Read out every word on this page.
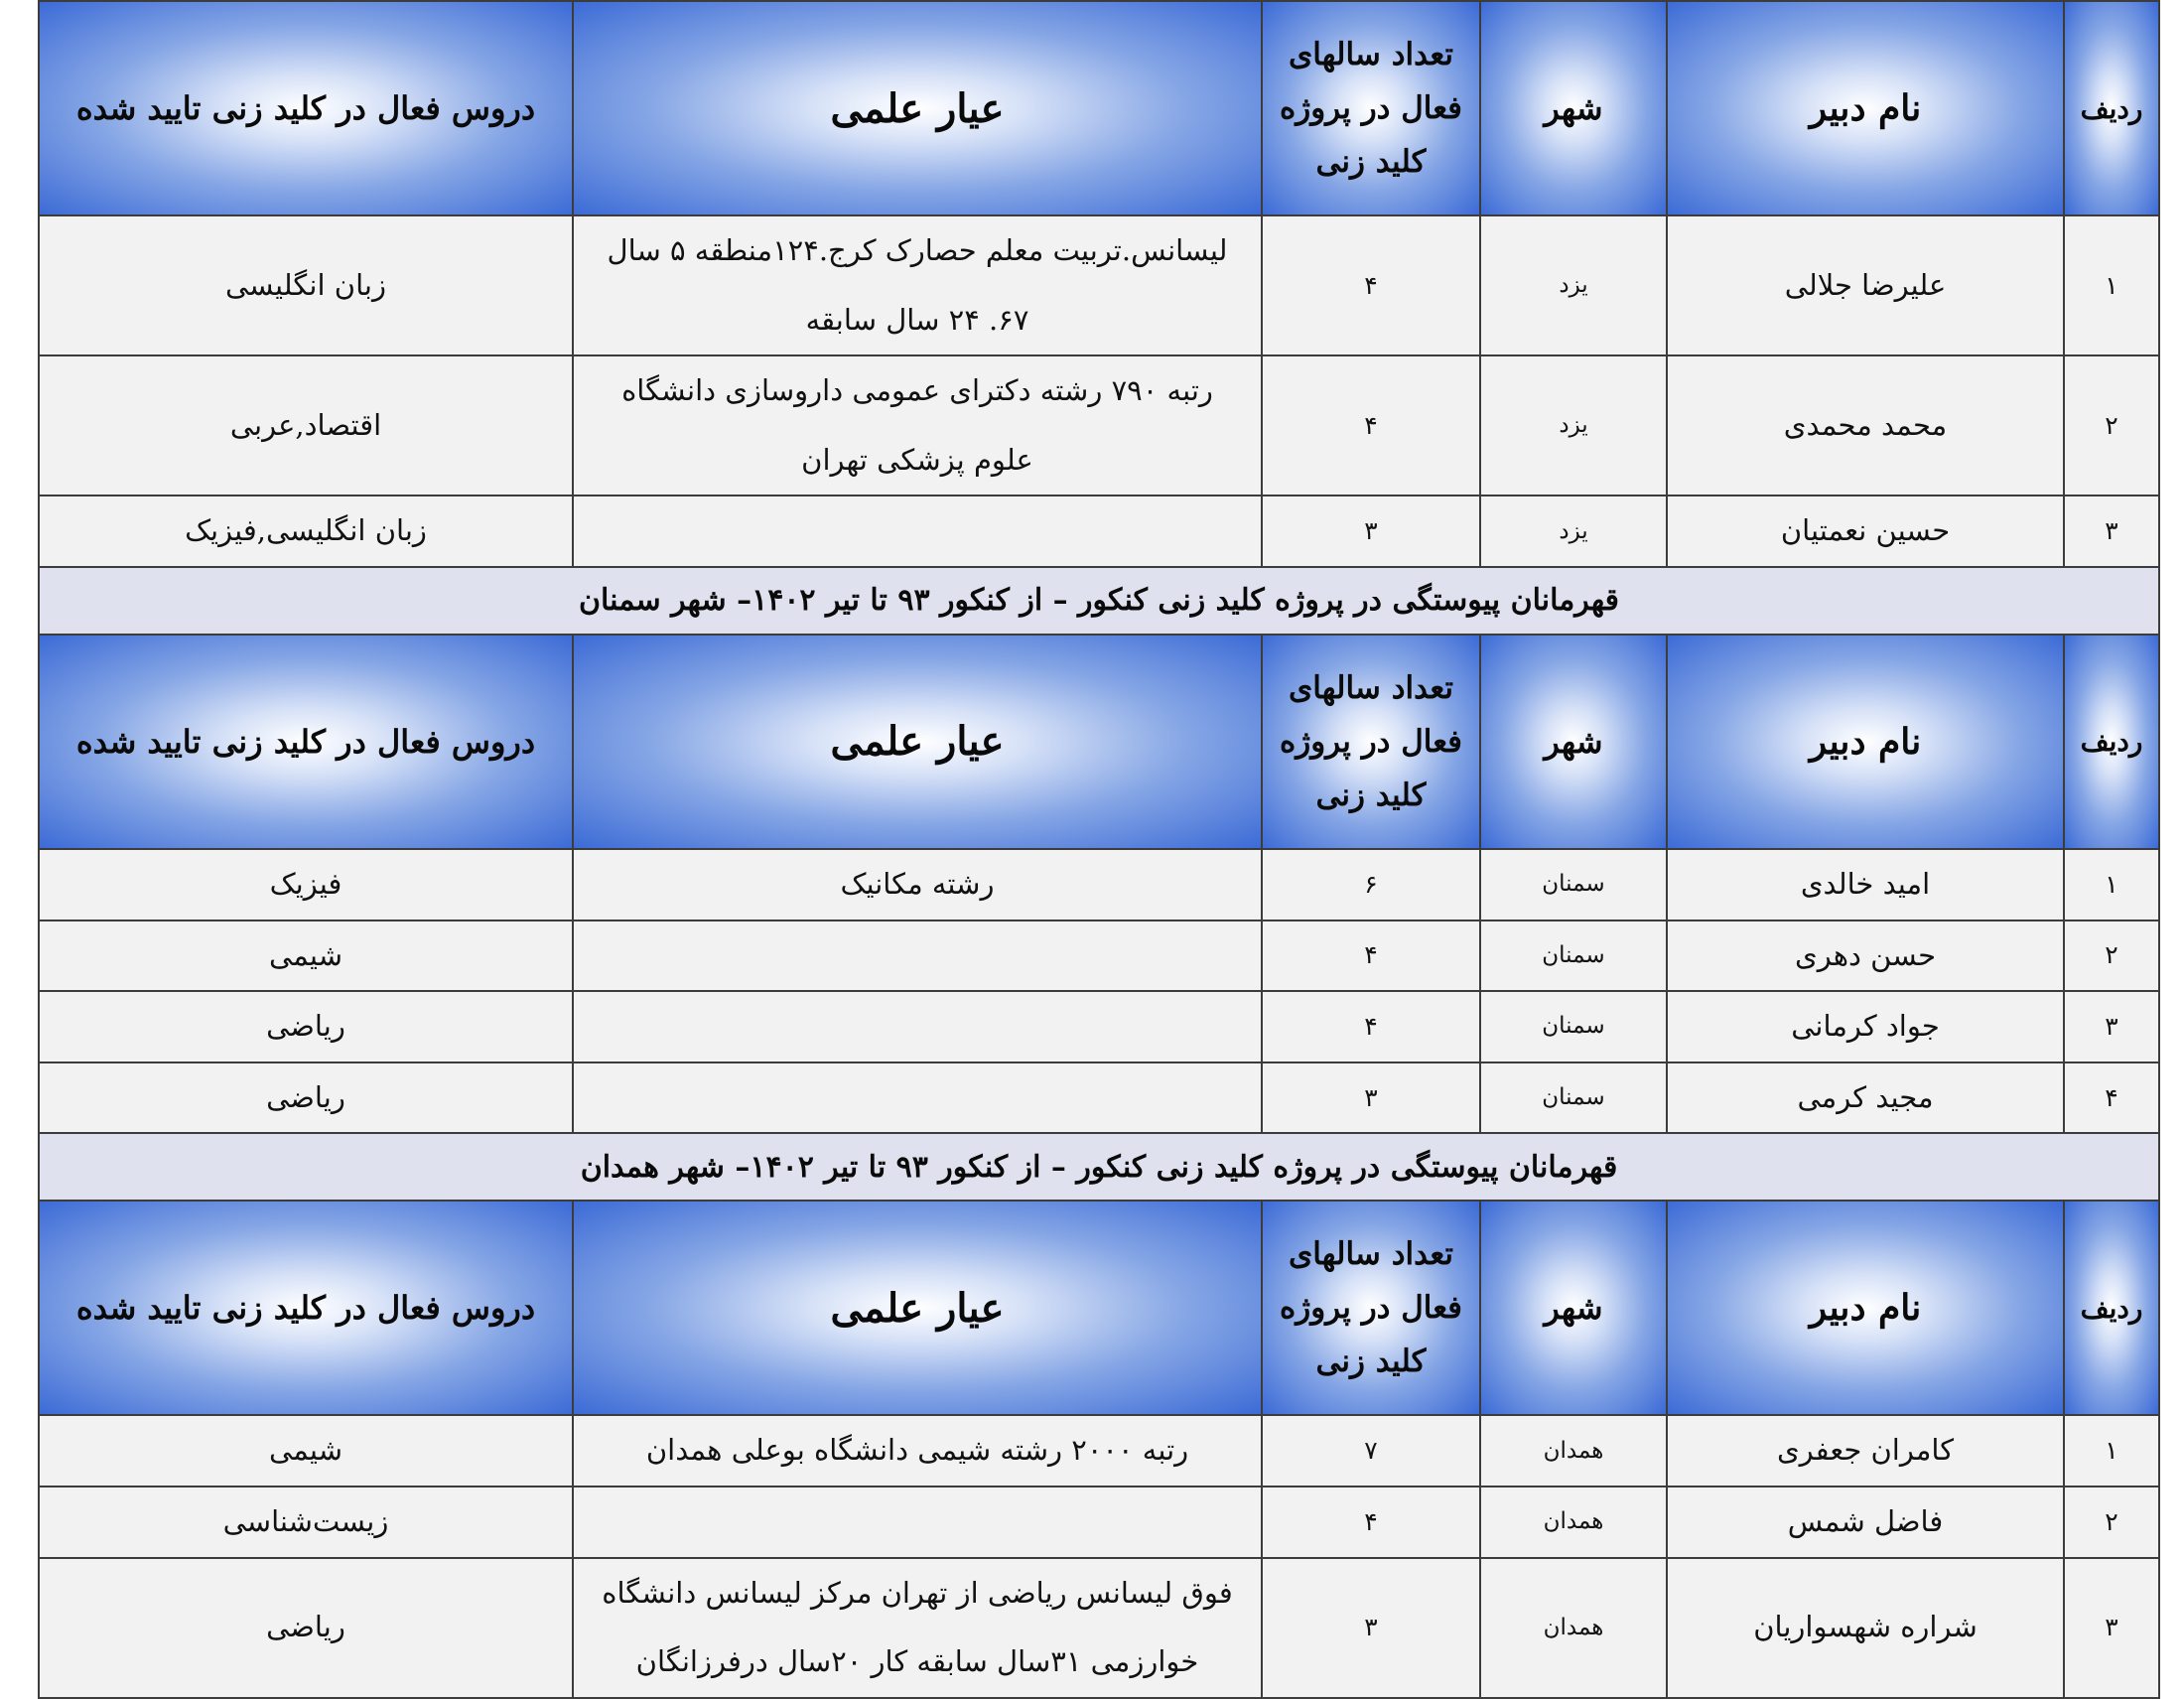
ردیف	نام دبیر	شهر	تعداد سالهای فعال در پروژه کلید زنی	عیار علمی	دروس فعال در کلید زنی تایید شده
۱	علیرضا جلالی	یزد	۴	لیسانس.تربیت معلم حصارک کرج.۱۲۴منطقه ۵ سال ۶۷. ۲۴ سال سابقه	زبان انگلیسی
۲	محمد محمدی	یزد	۴	رتبه ۷۹۰ رشته دکترای عمومی داروسازی دانشگاه علوم پزشکی تهران	اقتصاد,عربی
۳	حسین نعمتیان	یزد	۳		زبان انگلیسی,فیزیک
قهرمانان پیوستگی در پروژه کلید زنی کنکور – از کنکور ۹۳ تا تیر ۱۴۰۲– شهر سمنان					
ردیف	نام دبیر	شهر	تعداد سالهای فعال در پروژه کلید زنی	عیار علمی	دروس فعال در کلید زنی تایید شده
۱	امید خالدی	سمنان	۶	رشته مکانیک	فیزیک
۲	حسن دهری	سمنان	۴		شیمی
۳	جواد کرمانی	سمنان	۴		ریاضی
۴	مجید کرمی	سمنان	۳		ریاضی
قهرمانان پیوستگی در پروژه کلید زنی کنکور – از کنکور ۹۳ تا تیر ۱۴۰۲– شهر همدان					
ردیف	نام دبیر	شهر	تعداد سالهای فعال در پروژه کلید زنی	عیار علمی	دروس فعال در کلید زنی تایید شده
۱	کامران جعفری	همدان	۷	رتبه ۲۰۰۰ رشته شیمی دانشگاه بوعلی همدان	شیمی
۲	فاضل شمس	همدان	۴		زیست‌شناسی
۳	شراره شهسواریان	همدان	۳	فوق لیسانس ریاضی از تهران مرکز لیسانس دانشگاه خوارزمی ۳۱سال سابقه کار ۲۰سال درفرزانگان	ریاضی
